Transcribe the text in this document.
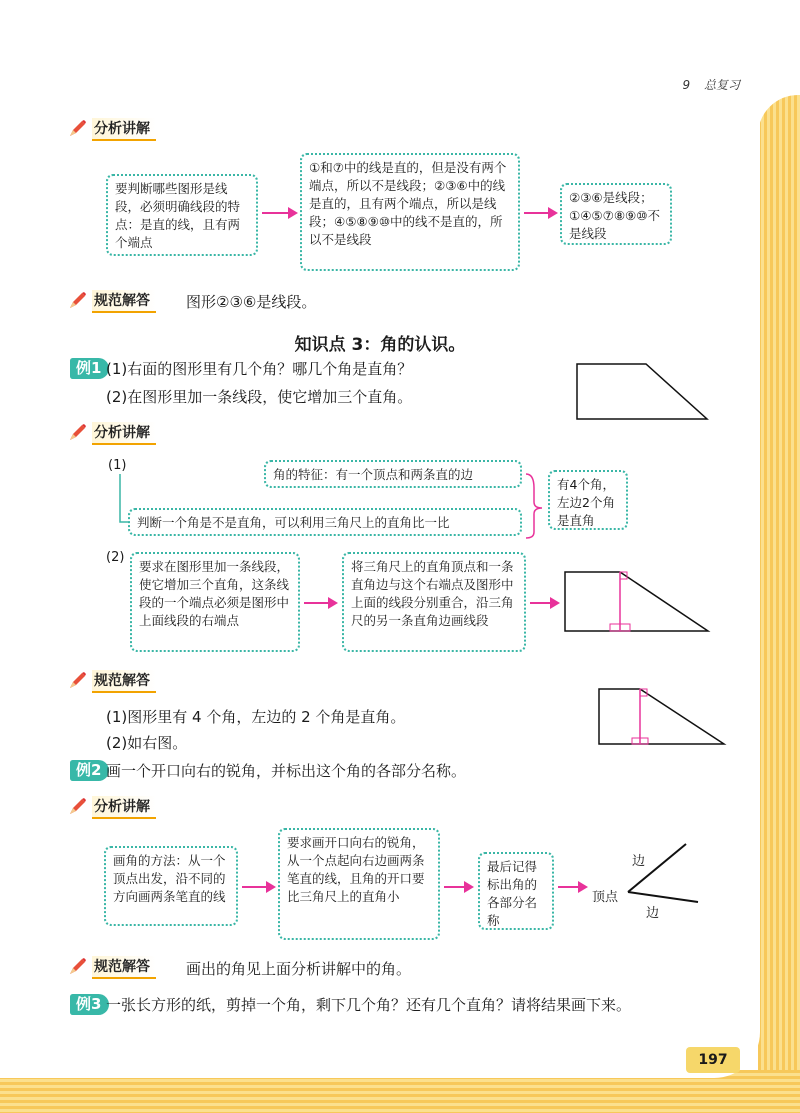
9 总复习
分析讲解
要判断哪些图形是线段，必须明确线段的特点：是直的线，且有两个端点
①和⑦中的线是直的，但是没有两个端点，所以不是线段；②③⑥中的线是直的，且有两个端点，所以是线段；④⑤⑧⑨⑩中的线不是直的，所以不是线段
②③⑥是线段；①④⑤⑦⑧⑨⑩不是线段
规范解答	图形②③⑥是线段。
知识点 3：角的认识。
例1 (1)右面的图形里有几个角？哪几个角是直角？
(2)在图形里加一条线段，使它增加三个直角。
分析讲解
(1)
角的特征：有一个顶点和两条直的边
判断一个角是不是直角，可以利用三角尺上的直角比一比
有4个角，左边2个角是直角
(2)
要求在图形里加一条线段，使它增加三个直角，这条线段的一个端点必须是图形中上面线段的右端点
将三角尺上的直角顶点和一条直角边与这个右端点及图形中上面的线段分别重合，沿三角尺的另一条直角边画线段
规范解答
(1)图形里有 4 个角，左边的 2 个角是直角。
(2)如右图。
例2 画一个开口向右的锐角，并标出这个角的各部分名称。
分析讲解
画角的方法：从一个顶点出发，沿不同的方向画两条笔直的线
要求画开口向右的锐角，从一个点起向右边画两条笔直的线，且角的开口要比三角尺上的直角小
最后记得标出角的各部分名称
边
顶点
边
规范解答	画出的角见上面分析讲解中的角。
例3 一张长方形的纸，剪掉一个角，剩下几个角？还有几个直角？请将结果画下来。
197
